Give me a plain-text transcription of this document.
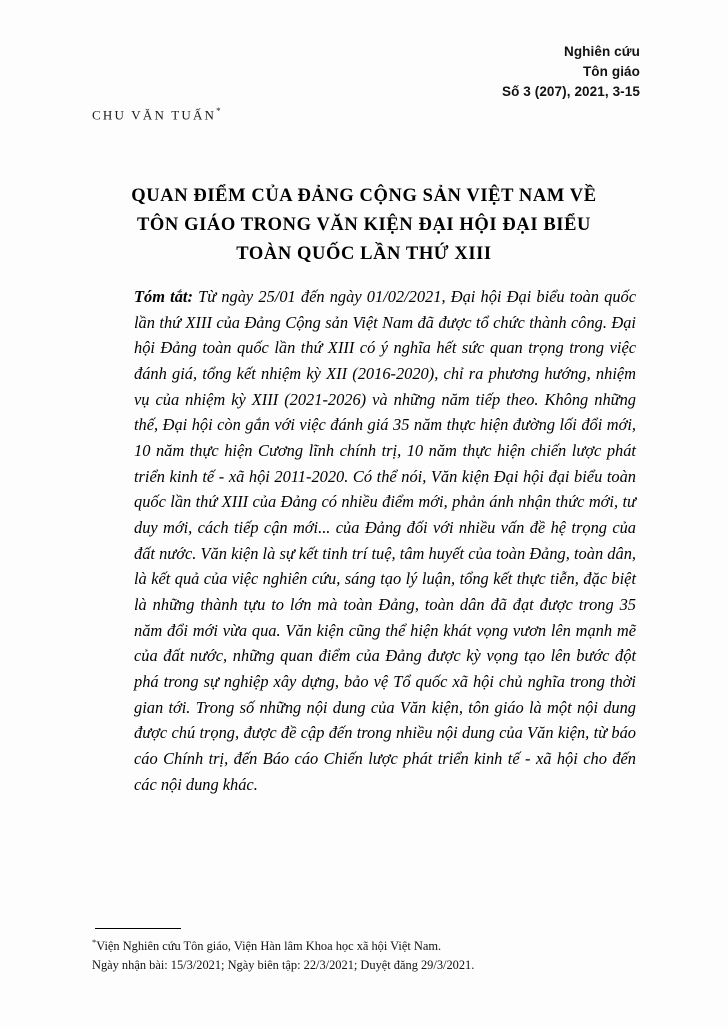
Nghiên cứu
Tôn giáo
Số 3 (207), 2021, 3-15
CHU VĂN TUẤN*
QUAN ĐIỂM CỦA ĐẢNG CỘNG SẢN VIỆT NAM VỀ
TÔN GIÁO TRONG VĂN KIỆN ĐẠI HỘI ĐẠI BIỂU
TOÀN QUỐC LẦN THỨ XIII
Tóm tắt: Từ ngày 25/01 đến ngày 01/02/2021, Đại hội Đại biểu toàn quốc lần thứ XIII của Đảng Cộng sản Việt Nam đã được tổ chức thành công. Đại hội Đảng toàn quốc lần thứ XIII có ý nghĩa hết sức quan trọng trong việc đánh giá, tổng kết nhiệm kỳ XII (2016-2020), chỉ ra phương hướng, nhiệm vụ của nhiệm kỳ XIII (2021-2026) và những năm tiếp theo. Không những thế, Đại hội còn gắn với việc đánh giá 35 năm thực hiện đường lối đổi mới, 10 năm thực hiện Cương lĩnh chính trị, 10 năm thực hiện chiến lược phát triển kinh tế - xã hội 2011-2020. Có thể nói, Văn kiện Đại hội đại biểu toàn quốc lần thứ XIII của Đảng có nhiều điểm mới, phản ánh nhận thức mới, tư duy mới, cách tiếp cận mới... của Đảng đối với nhiều vấn đề hệ trọng của đất nước. Văn kiện là sự kết tinh trí tuệ, tâm huyết của toàn Đảng, toàn dân, là kết quả của việc nghiên cứu, sáng tạo lý luận, tổng kết thực tiễn, đặc biệt là những thành tựu to lớn mà toàn Đảng, toàn dân đã đạt được trong 35 năm đổi mới vừa qua. Văn kiện cũng thể hiện khát vọng vươn lên mạnh mẽ của đất nước, những quan điểm của Đảng được kỳ vọng tạo lên bước đột phá trong sự nghiệp xây dựng, bảo vệ Tổ quốc xã hội chủ nghĩa trong thời gian tới. Trong số những nội dung của Văn kiện, tôn giáo là một nội dung được chú trọng, được đề cập đến trong nhiều nội dung của Văn kiện, từ báo cáo Chính trị, đến Báo cáo Chiến lược phát triển kinh tế - xã hội cho đến các nội dung khác.
*Viện Nghiên cứu Tôn giáo, Viện Hàn lâm Khoa học xã hội Việt Nam.
Ngày nhận bài: 15/3/2021; Ngày biên tập: 22/3/2021; Duyệt đăng 29/3/2021.
